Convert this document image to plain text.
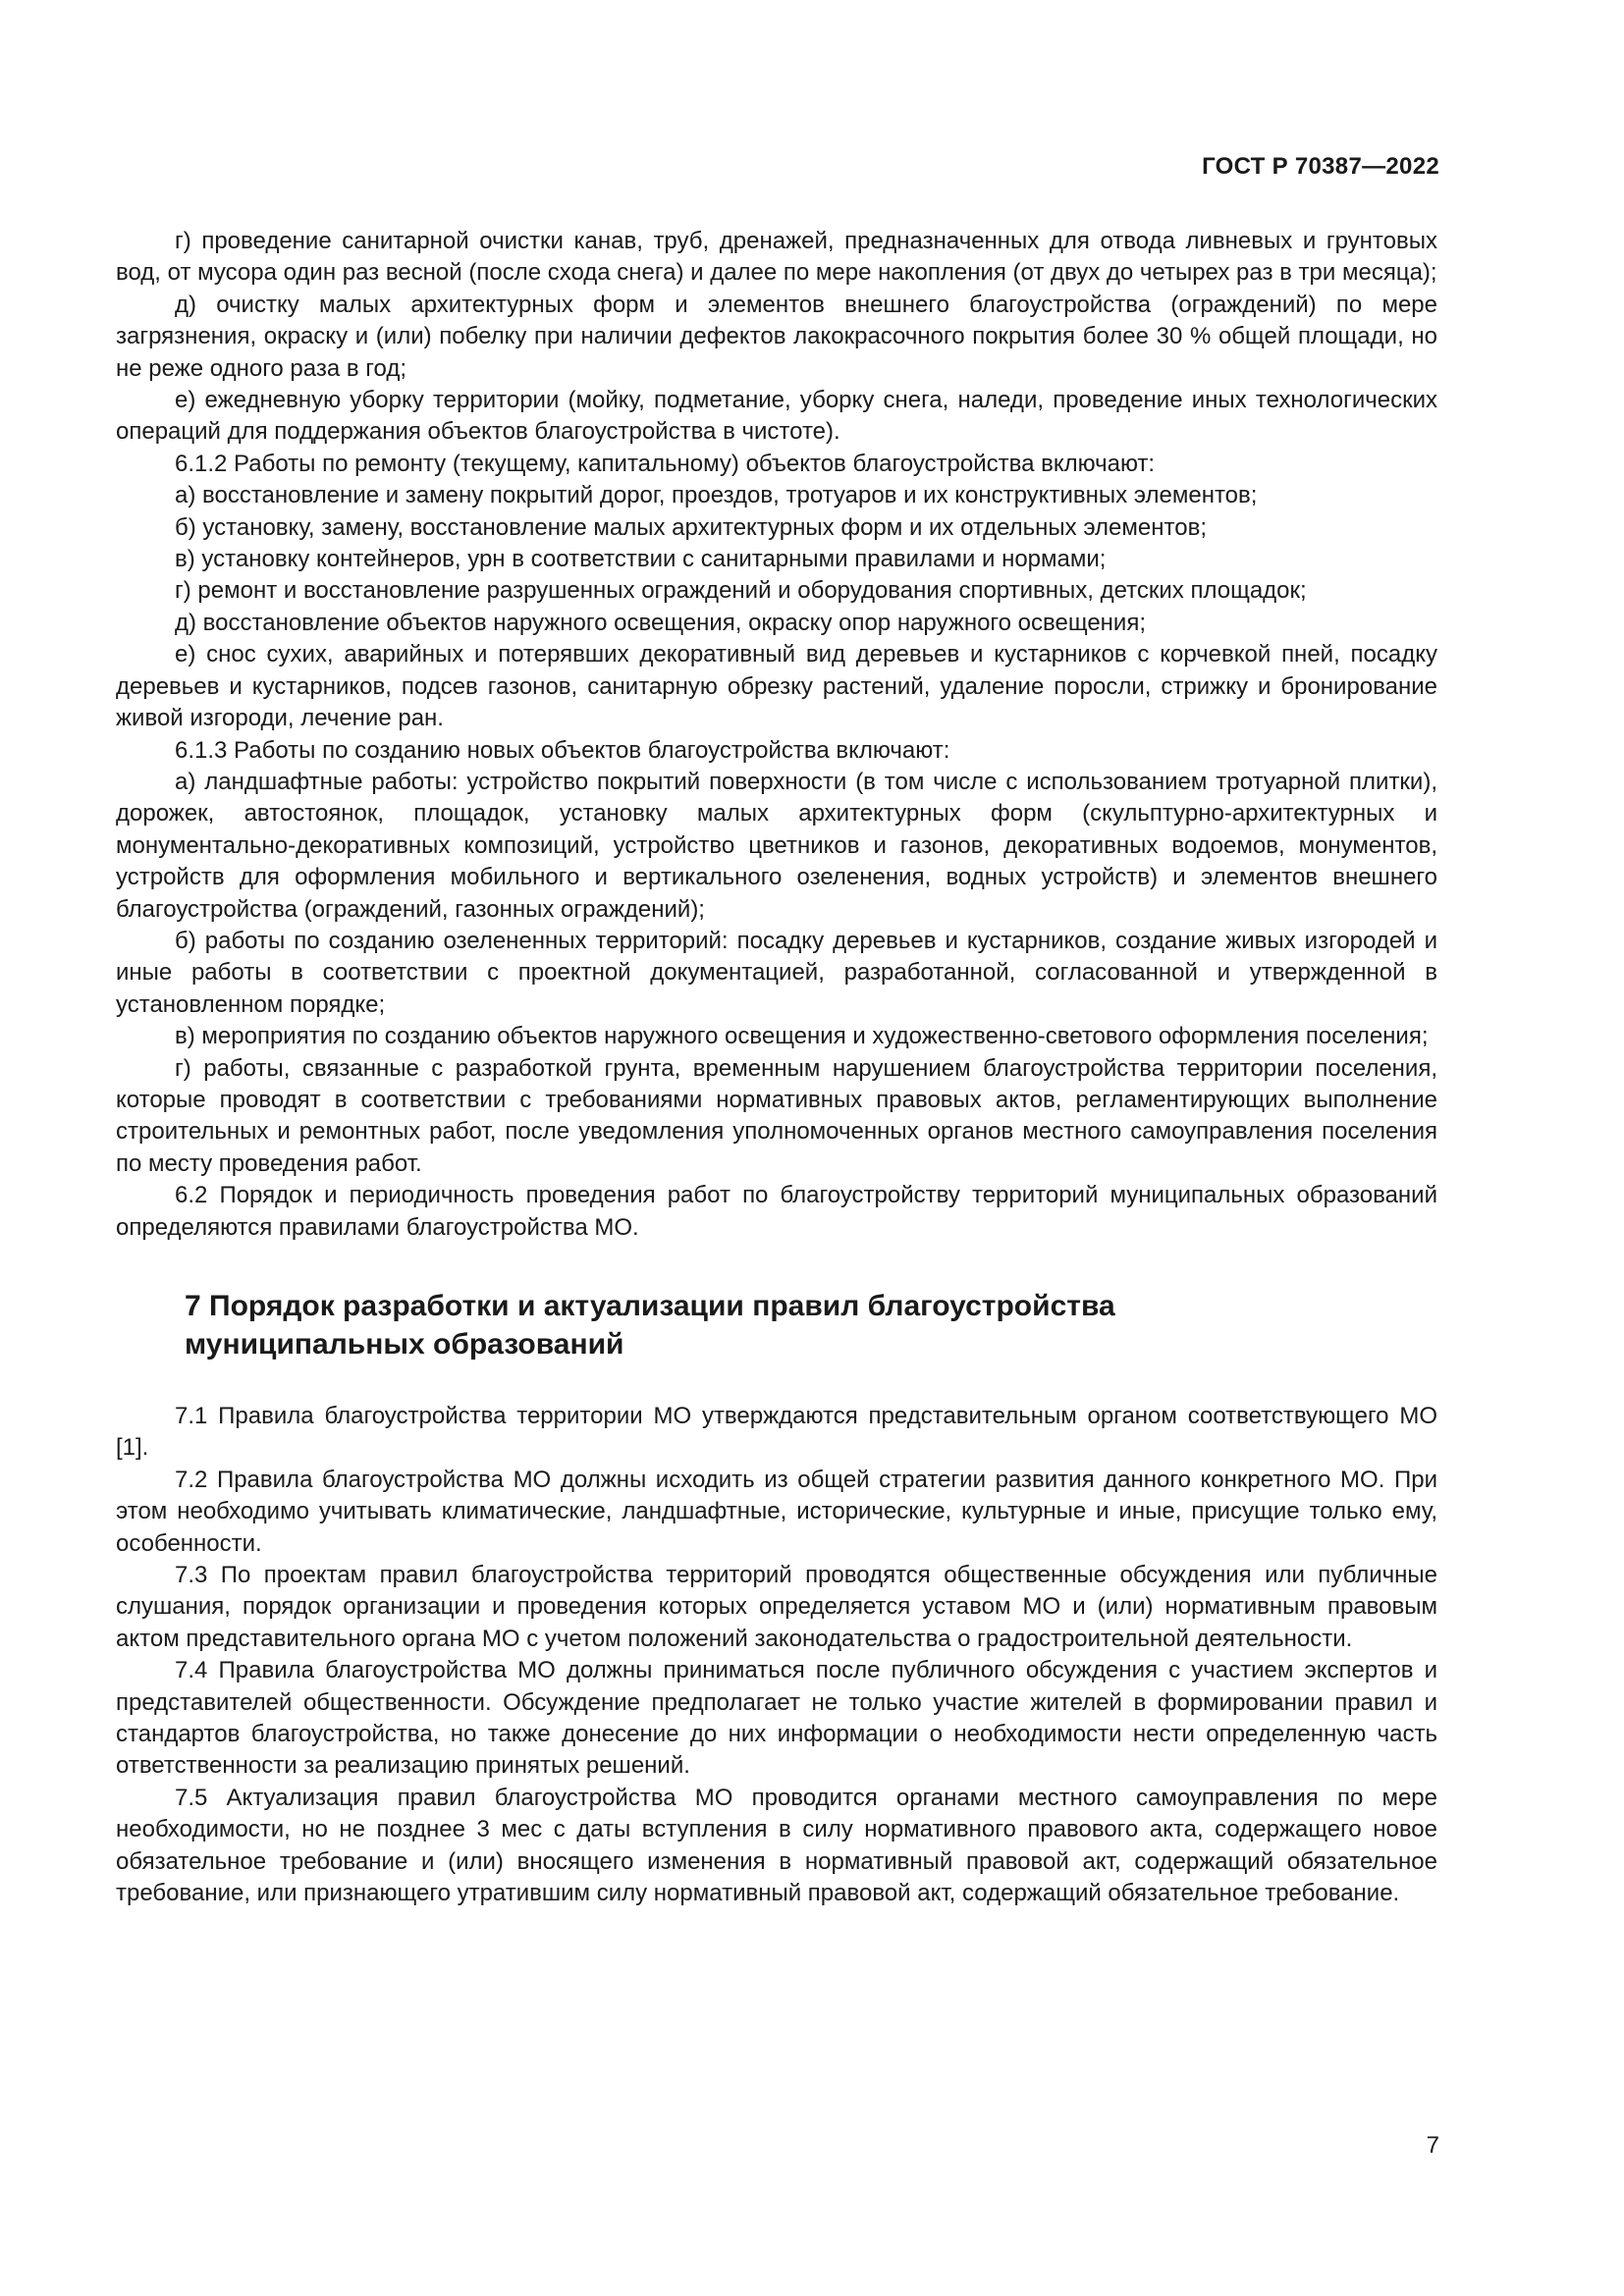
ГОСТ Р 70387—2022

г) проведение санитарной очистки канав, труб, дренажей, предназначенных для отвода ливневых и грунтовых вод, от мусора один раз весной (после схода снега) и далее по мере накопления (от двух до четырех раз в три месяца);

д) очистку малых архитектурных форм и элементов внешнего благоустройства (ограждений) по мере загрязнения, окраску и (или) побелку при наличии дефектов лакокрасочного покрытия более 30 % общей площади, но не реже одного раза в год;

е) ежедневную уборку территории (мойку, подметание, уборку снега, наледи, проведение иных технологических операций для поддержания объектов благоустройства в чистоте).

6.1.2 Работы по ремонту (текущему, капитальному) объектов благоустройства включают:

а) восстановление и замену покрытий дорог, проездов, тротуаров и их конструктивных элементов;

б) установку, замену, восстановление малых архитектурных форм и их отдельных элементов;

в) установку контейнеров, урн в соответствии с санитарными правилами и нормами;

г) ремонт и восстановление разрушенных ограждений и оборудования спортивных, детских площадок;

д) восстановление объектов наружного освещения, окраску опор наружного освещения;

е) снос сухих, аварийных и потерявших декоративный вид деревьев и кустарников с корчевкой пней, посадку деревьев и кустарников, подсев газонов, санитарную обрезку растений, удаление поросли, стрижку и бронирование живой изгороди, лечение ран.

6.1.3 Работы по созданию новых объектов благоустройства включают:

а) ландшафтные работы: устройство покрытий поверхности (в том числе с использованием тротуарной плитки), дорожек, автостоянок, площадок, установку малых архитектурных форм (скульптурно-архитектурных и монументально-декоративных композиций, устройство цветников и газонов, декоративных водоемов, монументов, устройств для оформления мобильного и вертикального озеленения, водных устройств) и элементов внешнего благоустройства (ограждений, газонных ограждений);

б) работы по созданию озелененных территорий: посадку деревьев и кустарников, создание живых изгородей и иные работы в соответствии с проектной документацией, разработанной, согласованной и утвержденной в установленном порядке;

в) мероприятия по созданию объектов наружного освещения и художественно-светового оформления поселения;

г) работы, связанные с разработкой грунта, временным нарушением благоустройства территории поселения, которые проводят в соответствии с требованиями нормативных правовых актов, регламентирующих выполнение строительных и ремонтных работ, после уведомления уполномоченных органов местного самоуправления поселения по месту проведения работ.

6.2 Порядок и периодичность проведения работ по благоустройству территорий муниципальных образований определяются правилами благоустройства МО.

7 Порядок разработки и актуализации правил благоустройства муниципальных образований

7.1 Правила благоустройства территории МО утверждаются представительным органом соответствующего МО [1].

7.2 Правила благоустройства МО должны исходить из общей стратегии развития данного конкретного МО. При этом необходимо учитывать климатические, ландшафтные, исторические, культурные и иные, присущие только ему, особенности.

7.3 По проектам правил благоустройства территорий проводятся общественные обсуждения или публичные слушания, порядок организации и проведения которых определяется уставом МО и (или) нормативным правовым актом представительного органа МО с учетом положений законодательства о градостроительной деятельности.

7.4 Правила благоустройства МО должны приниматься после публичного обсуждения с участием экспертов и представителей общественности. Обсуждение предполагает не только участие жителей в формировании правил и стандартов благоустройства, но также донесение до них информации о необходимости нести определенную часть ответственности за реализацию принятых решений.

7.5 Актуализация правил благоустройства МО проводится органами местного самоуправления по мере необходимости, но не позднее 3 мес с даты вступления в силу нормативного правового акта, содержащего новое обязательное требование и (или) вносящего изменения в нормативный правовой акт, содержащий обязательное требование, или признающего утратившим силу нормативный правовой акт, содержащий обязательное требование.

7
